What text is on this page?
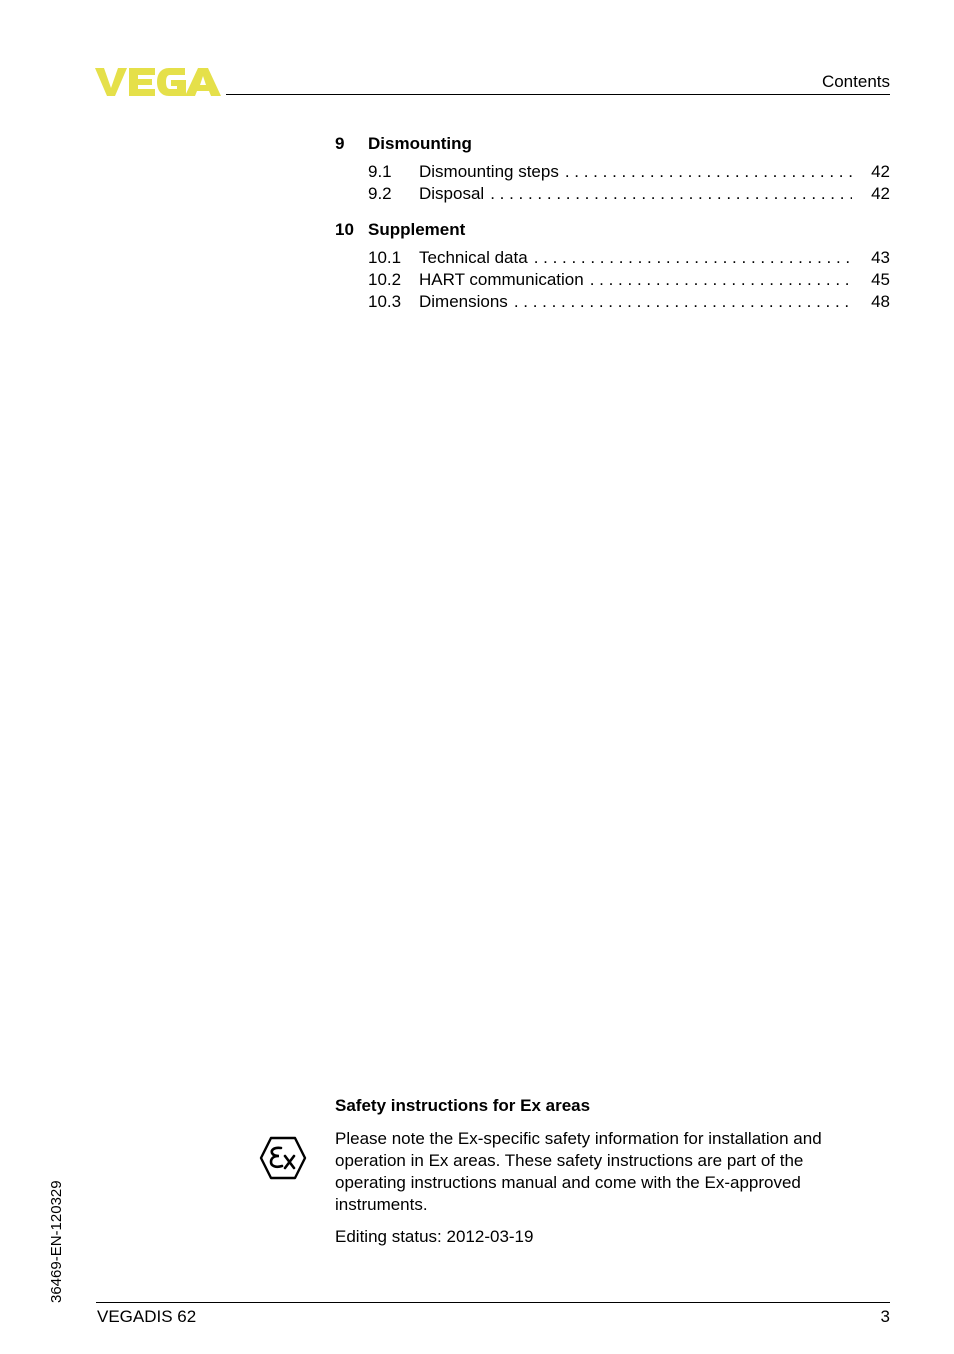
Contents
9	Dismounting
9.1	Dismounting steps . . .	42
9.2	Disposal . . .	42
10 Supplement
10.1	Technical data . . .	43
10.2	HART communication . . .	45
10.3	Dimensions . . .	48
36469-EN-120329
Safety instructions for Ex areas
Please note the Ex-specific safety information for installation and operation in Ex areas. These safety instructions are part of the operating instructions manual and come with the Ex-approved instruments.
Editing status: 2012-03-19
VEGADIS 62	3
